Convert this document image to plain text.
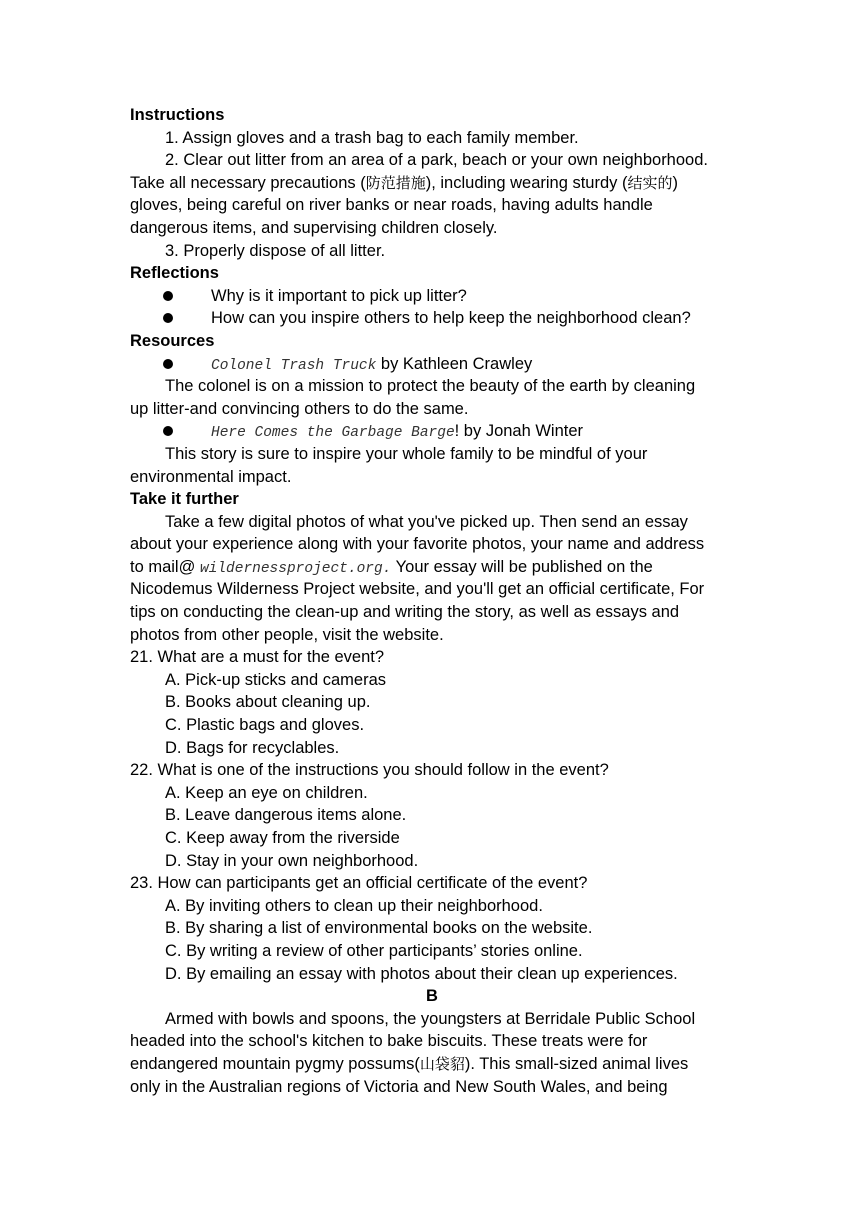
Instructions
1. Assign gloves and a trash bag to each family member.
2. Clear out litter from an area of a park, beach or your own neighborhood.
Take all necessary precautions (防范措施), including wearing sturdy (结实的)
gloves, being careful on river banks or near roads, having adults handle
dangerous items, and supervising children closely.
3. Properly dispose of all litter.
Reflections
Why is it important to pick up litter?
How can you inspire others to help keep the neighborhood clean?
Resources
Colonel Trash Truck by Kathleen Crawley
The colonel is on a mission to protect the beauty of the earth by cleaning
up litter-and convincing others to do the same.
Here Comes the Garbage Barge! by Jonah Winter
This story is sure to inspire your whole family to be mindful of your
environmental impact.
Take it further
Take a few digital photos of what you've picked up. Then send an essay
about your experience along with your favorite photos, your name and address
to mail@ wildernessproject.org. Your essay will be published on the
Nicodemus Wilderness Project website, and you'll get an official certificate, For
tips on conducting the clean-up and writing the story, as well as essays and
photos from other people, visit the website.
21. What are a must for the event?
A. Pick-up sticks and cameras
B. Books about cleaning up.
C. Plastic bags and gloves.
D. Bags for recyclables.
22. What is one of the instructions you should follow in the event?
A. Keep an eye on children.
B. Leave dangerous items alone.
C. Keep away from the riverside
D. Stay in your own neighborhood.
23. How can participants get an official certificate of the event?
A. By inviting others to clean up their neighborhood.
B. By sharing a list of environmental books on the website.
C. By writing a review of other participants’ stories online.
D. By emailing an essay with photos about their clean up experiences.
B
Armed with bowls and spoons, the youngsters at Berridale Public School
headed into the school's kitchen to bake biscuits. These treats were for
endangered mountain pygmy possums(山袋貂). This small-sized animal lives
only in the Australian regions of Victoria and New South Wales, and being
